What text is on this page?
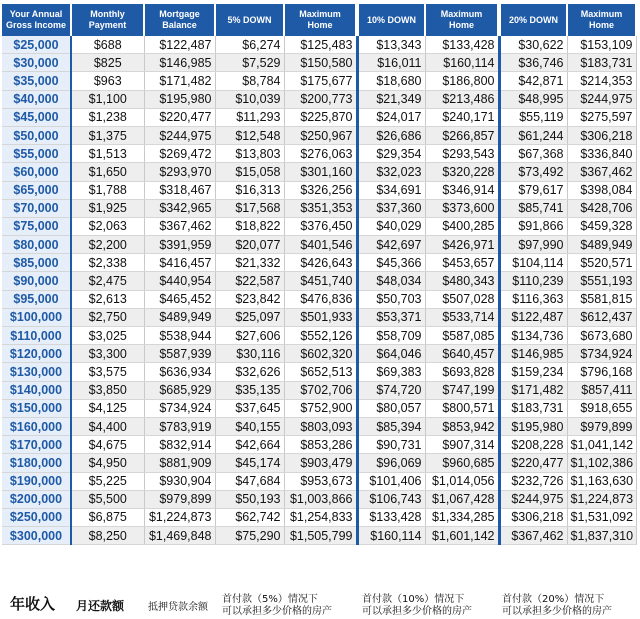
Your Annual Gross Income	Monthly Payment	Mortgage Balance	5% DOWN	Maximum Home	10% DOWN	Maximum Home	20% DOWN	Maximum Home
$25,000	$688	$122,487	$6,274	$125,483	$13,343	$133,428	$30,622	$153,109
$30,000	$825	$146,985	$7,529	$150,580	$16,011	$160,114	$36,746	$183,731
$35,000	$963	$171,482	$8,784	$175,677	$18,680	$186,800	$42,871	$214,353
$40,000	$1,100	$195,980	$10,039	$200,773	$21,349	$213,486	$48,995	$244,975
$45,000	$1,238	$220,477	$11,293	$225,870	$24,017	$240,171	$55,119	$275,597
$50,000	$1,375	$244,975	$12,548	$250,967	$26,686	$266,857	$61,244	$306,218
$55,000	$1,513	$269,472	$13,803	$276,063	$29,354	$293,543	$67,368	$336,840
$60,000	$1,650	$293,970	$15,058	$301,160	$32,023	$320,228	$73,492	$367,462
$65,000	$1,788	$318,467	$16,313	$326,256	$34,691	$346,914	$79,617	$398,084
$70,000	$1,925	$342,965	$17,568	$351,353	$37,360	$373,600	$85,741	$428,706
$75,000	$2,063	$367,462	$18,822	$376,450	$40,029	$400,285	$91,866	$459,328
$80,000	$2,200	$391,959	$20,077	$401,546	$42,697	$426,971	$97,990	$489,949
$85,000	$2,338	$416,457	$21,332	$426,643	$45,366	$453,657	$104,114	$520,571
$90,000	$2,475	$440,954	$22,587	$451,740	$48,034	$480,343	$110,239	$551,193
$95,000	$2,613	$465,452	$23,842	$476,836	$50,703	$507,028	$116,363	$581,815
$100,000	$2,750	$489,949	$25,097	$501,933	$53,371	$533,714	$122,487	$612,437
$110,000	$3,025	$538,944	$27,606	$552,126	$58,709	$587,085	$134,736	$673,680
$120,000	$3,300	$587,939	$30,116	$602,320	$64,046	$640,457	$146,985	$734,924
$130,000	$3,575	$636,934	$32,626	$652,513	$69,383	$693,828	$159,234	$796,168
$140,000	$3,850	$685,929	$35,135	$702,706	$74,720	$747,199	$171,482	$857,411
$150,000	$4,125	$734,924	$37,645	$752,900	$80,057	$800,571	$183,731	$918,655
$160,000	$4,400	$783,919	$40,155	$803,093	$85,394	$853,942	$195,980	$979,899
$170,000	$4,675	$832,914	$42,664	$853,286	$90,731	$907,314	$208,228	$1,041,142
$180,000	$4,950	$881,909	$45,174	$903,479	$96,069	$960,685	$220,477	$1,102,386
$190,000	$5,225	$930,904	$47,684	$953,673	$101,406	$1,014,056	$232,726	$1,163,630
$200,000	$5,500	$979,899	$50,193	$1,003,866	$106,743	$1,067,428	$244,975	$1,224,873
$250,000	$6,875	$1,224,873	$62,742	$1,254,833	$133,428	$1,334,285	$306,218	$1,531,092
$300,000	$8,250	$1,469,848	$75,290	$1,505,799	$160,114	$1,601,142	$367,462	$1,837,310
年收入 月还款额 抵押贷款余额
首付款（5%）情况下
可以承担多少价格的房产
首付款（10%）情况下
可以承担多少价格的房产
首付款（20%）情况下
可以承担多少价格的房产
